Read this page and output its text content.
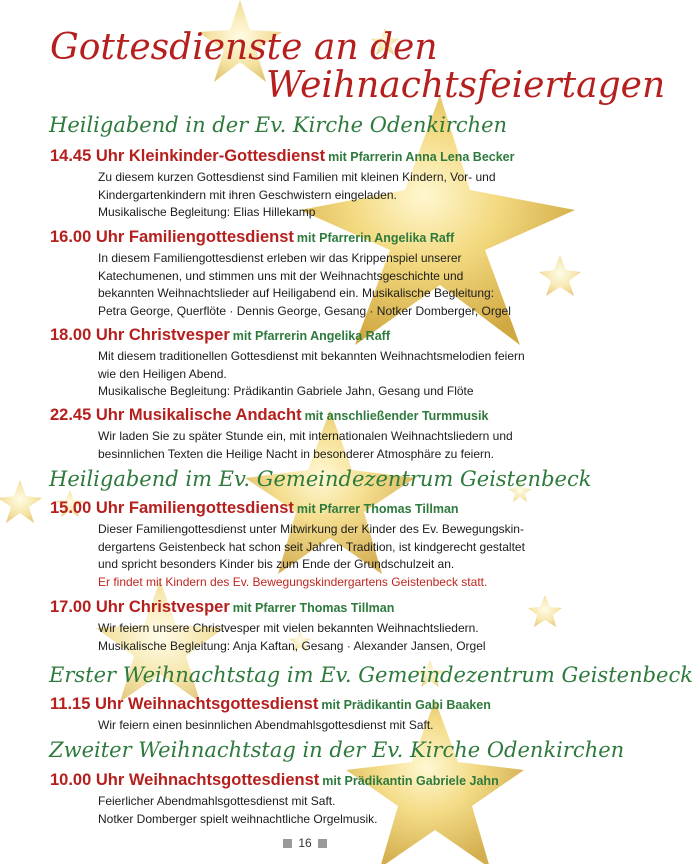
Gottesdienste an den
Weihnachtsfeiertagen
Heiligabend in der Ev. Kirche Odenkirchen
14.45 Uhr Kleinkinder-Gottesdienst mit Pfarrerin Anna Lena Becker
Zu diesem kurzen Gottesdienst sind Familien mit kleinen Kindern, Vor- und
Kindergartenkindern mit ihren Geschwistern eingeladen.
Musikalische Begleitung: Elias Hillekamp
16.00 Uhr Familiengottesdienst mit Pfarrerin Angelika Raff
In diesem Familiengottesdienst erleben wir das Krippenspiel unserer
Katechumenen, und stimmen uns mit der Weihnachtsgeschichte und
bekannten Weihnachtslieder auf Heiligabend ein. Musikalische Begleitung:
Petra George, Querflöte · Dennis George, Gesang · Notker Domberger, Orgel
18.00 Uhr Christvesper mit Pfarrerin Angelika Raff
Mit diesem traditionellen Gottesdienst mit bekannten Weihnachtsmelodien feiern
wie den Heiligen Abend.
Musikalische Begleitung: Prädikantin Gabriele Jahn, Gesang und Flöte
22.45 Uhr Musikalische Andacht mit anschließender Turmmusik
Wir laden Sie zu später Stunde ein, mit internationalen Weihnachtsliedern und
besinnlichen Texten die Heilige Nacht in besonderer Atmosphäre zu feiern.
Heiligabend im Ev. Gemeindezentrum Geistenbeck
15.00 Uhr Familiengottesdienst mit Pfarrer Thomas Tillman
Dieser Familiengottesdienst unter Mitwirkung der Kinder des Ev. Bewegungskin-
dergartens Geistenbeck hat schon seit Jahren Tradition, ist kindgerecht gestaltet
und spricht besonders Kinder bis zum Ende der Grundschulzeit an.
Er findet mit Kindern des Ev. Bewegungskindergartens Geistenbeck statt.
17.00 Uhr Christvesper mit Pfarrer Thomas Tillman
Wir feiern unsere Christvesper mit vielen bekannten Weihnachtsliedern.
Musikalische Begleitung: Anja Kaftan, Gesang · Alexander Jansen, Orgel
Erster Weihnachtstag im Ev. Gemeindezentrum Geistenbeck
11.15 Uhr Weihnachtsgottesdienst mit Prädikantin Gabi Baaken
Wir feiern einen besinnlichen Abendmahlsgottesdienst mit Saft.
Zweiter Weihnachtstag in der Ev. Kirche Odenkirchen
10.00 Uhr Weihnachtsgottesdienst mit Prädikantin Gabriele Jahn
Feierlicher Abendmahlsgottesdienst mit Saft.
Notker Domberger spielt weihnachtliche Orgelmusik.
16
